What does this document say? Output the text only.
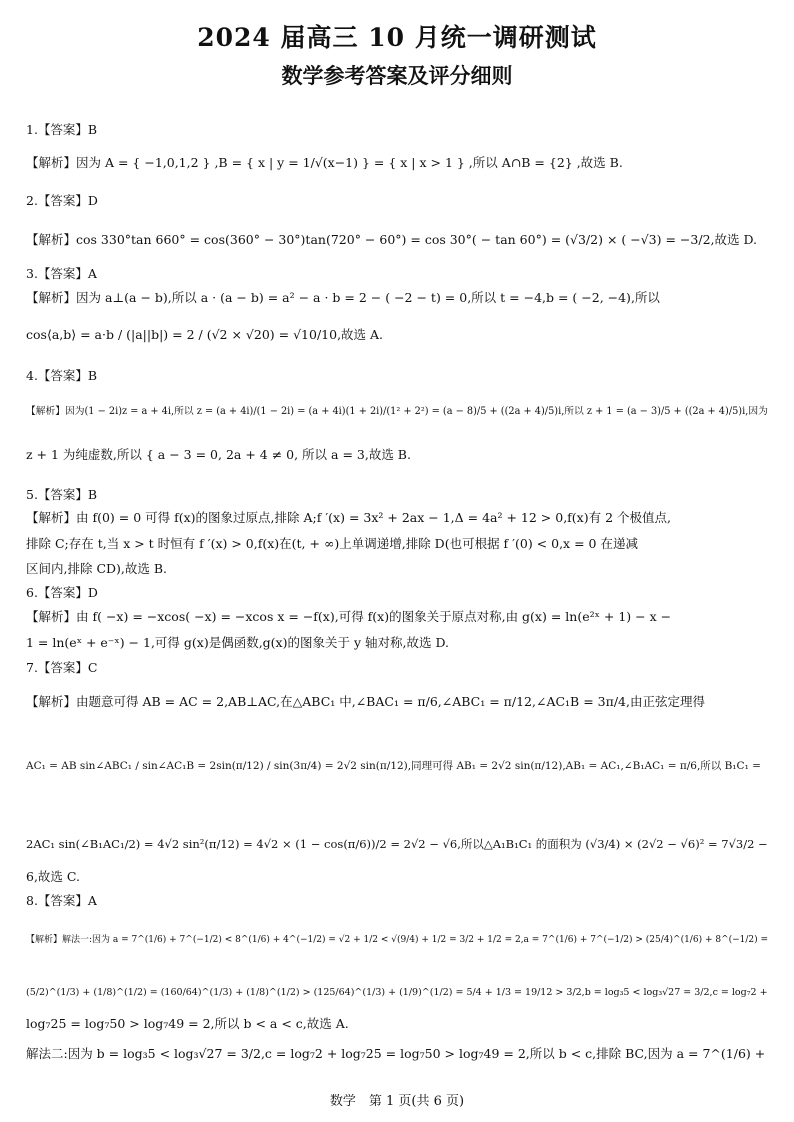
2024 届高三 10 月统一调研测试
数学参考答案及评分细则
1.【答案】B
【解析】因为 A = { −1,0,1,2 } ,B = { x | y = 1/√(x−1) } = { x | x > 1 } ,所以 A∩B = {2} ,故选 B.
2.【答案】D
【解析】cos 330°tan 660° = cos(360° − 30°)tan(720° − 60°) = cos 30°( − tan 60°) = (√3/2) × ( −√3) = −3/2,故选 D.
3.【答案】A
【解析】因为 a⊥(a − b),所以 a · (a − b) = a² − a · b = 2 − ( −2 − t) = 0,所以 t = −4,b = ( −2, −4),所以
cos⟨a,b⟩ = a·b / (|a||b|) = 2 / (√2 × √20) = √10/10,故选 A.
4.【答案】B
【解析】因为(1 − 2i)z = a + 4i,所以 z = (a + 4i)/(1 − 2i) = (a + 4i)(1 + 2i)/(1² + 2²) = (a − 8)/5 + ((2a + 4)/5)i,所以 z + 1 = (a − 3)/5 + ((2a + 4)/5)i,因为
z + 1 为纯虚数,所以 { a − 3 = 0, 2a + 4 ≠ 0, 所以 a = 3,故选 B.
5.【答案】B
【解析】由 f(0) = 0 可得 f(x)的图象过原点,排除 A;f ′(x) = 3x² + 2ax − 1,Δ = 4a² + 12 > 0,f(x)有 2 个极值点,
排除 C;存在 t,当 x > t 时恒有 f ′(x) > 0,f(x)在(t, + ∞)上单调递增,排除 D(也可根据 f ′(0) < 0,x = 0 在递减
区间内,排除 CD),故选 B.
6.【答案】D
【解析】由 f( −x) = −xcos( −x) = −xcos x = −f(x),可得 f(x)的图象关于原点对称,由 g(x) = ln(e²ˣ + 1) − x −
1 = ln(eˣ + e⁻ˣ) − 1,可得 g(x)是偶函数,g(x)的图象关于 y 轴对称,故选 D.
7.【答案】C
【解析】由题意可得 AB = AC = 2,AB⊥AC,在△ABC₁ 中,∠BAC₁ = π/6,∠ABC₁ = π/12,∠AC₁B = 3π/4,由正弦定理得
AC₁ = AB sin∠ABC₁ / sin∠AC₁B = 2sin(π/12) / sin(3π/4) = 2√2 sin(π/12),同理可得 AB₁ = 2√2 sin(π/12),AB₁ = AC₁,∠B₁AC₁ = π/6,所以 B₁C₁ =
2AC₁ sin(∠B₁AC₁/2) = 4√2 sin²(π/12) = 4√2 × (1 − cos(π/6))/2 = 2√2 − √6,所以△A₁B₁C₁ 的面积为 (√3/4) × (2√2 − √6)² = 7√3/2 −
6,故选 C.
8.【答案】A
【解析】解法一:因为 a = 7^(1/6) + 7^(−1/2) < 8^(1/6) + 4^(−1/2) = √2 + 1/2 < √(9/4) + 1/2 = 3/2 + 1/2 = 2,a = 7^(1/6) + 7^(−1/2) > (25/4)^(1/6) + 8^(−1/2) =
(5/2)^(1/3) + (1/8)^(1/2) = (160/64)^(1/3) + (1/8)^(1/2) > (125/64)^(1/3) + (1/9)^(1/2) = 5/4 + 1/3 = 19/12 > 3/2,b = log₃5 < log₃√27 = 3/2,c = log₇2 +
log₇25 = log₇50 > log₇49 = 2,所以 b < a < c,故选 A.
解法二:因为 b = log₃5 < log₃√27 = 3/2,c = log₇2 + log₇25 = log₇50 > log₇49 = 2,所以 b < c,排除 BC,因为 a = 7^(1/6) +
数学　第 1 页(共 6 页)
